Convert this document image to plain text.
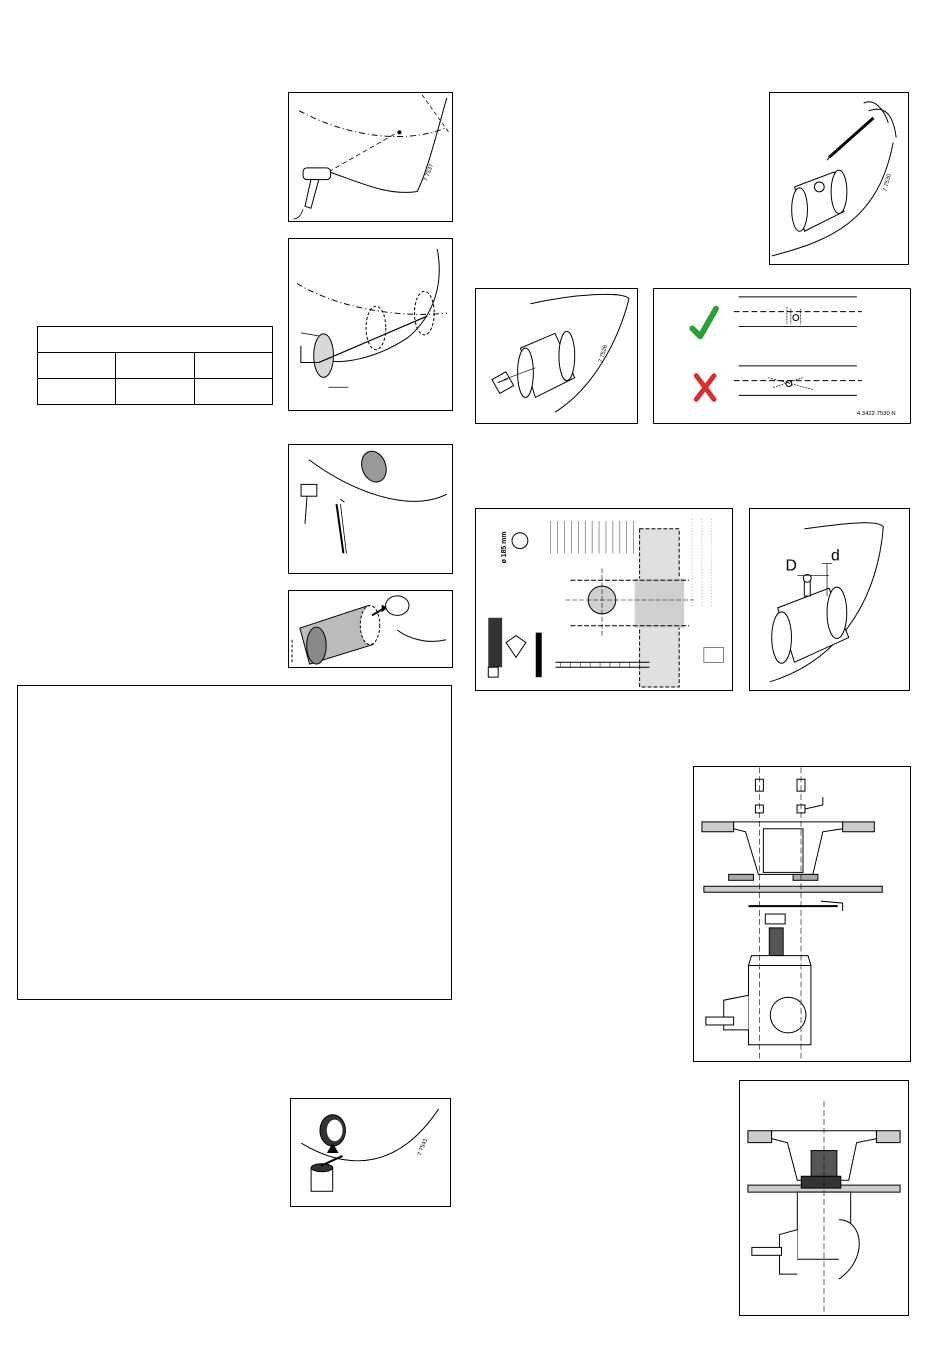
7 7537

7 7541
7 7530
7 7526
4 3422 7530 N
ø 185 mm
D
d
